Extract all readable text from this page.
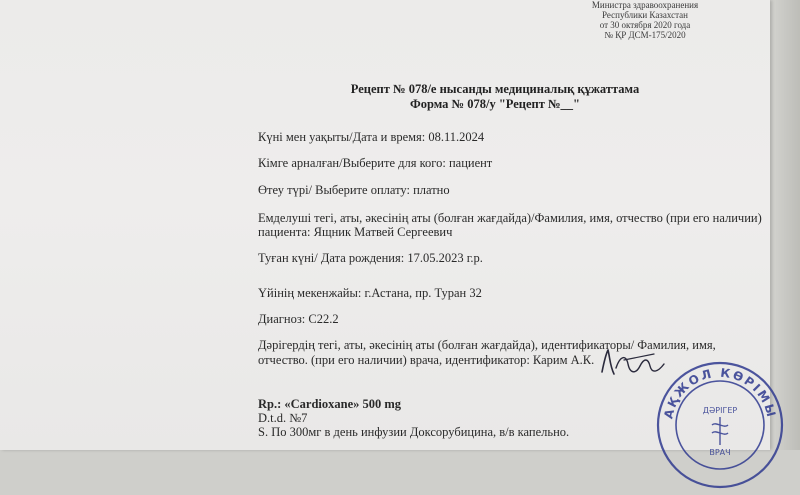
Министра здравоохранения
Республики Казахстан
от 30 октября 2020 года
№ ҚР ДСМ-175/2020
Рецепт № 078/е нысанды медициналық құжаттама
Форма № 078/у "Рецепт №__"
Күні мен уақыты/Дата и время: 08.11.2024
Кімге арналған/Выберите для кого: пациент
Өтеу түрі/ Выберите оплату: платно
Емделуші тегі, аты, әкесінің аты (болған жағдайда)/Фамилия, имя, отчество (при его наличии)
пациента: Ящник Матвей Сергеевич
Туған күні/ Дата рождения: 17.05.2023 г.р.
Үйінің мекенжайы: г.Астана, пр. Туран 32
Диагноз: С22.2
Дәрігердің тегі, аты, әкесінің аты (болған жағдайда), идентификаторы/ Фамилия, имя,
отчество. (при его наличии) врача, идентификатор: Карим А.К.
Rp.: «Cardioxane» 500 mg
D.t.d. №7
S. По 300мг в день инфузии Доксорубицина, в/в капельно.
АҚЖОЛ КӨРІМЫ
ДӘРІГЕР
ВРАЧ
